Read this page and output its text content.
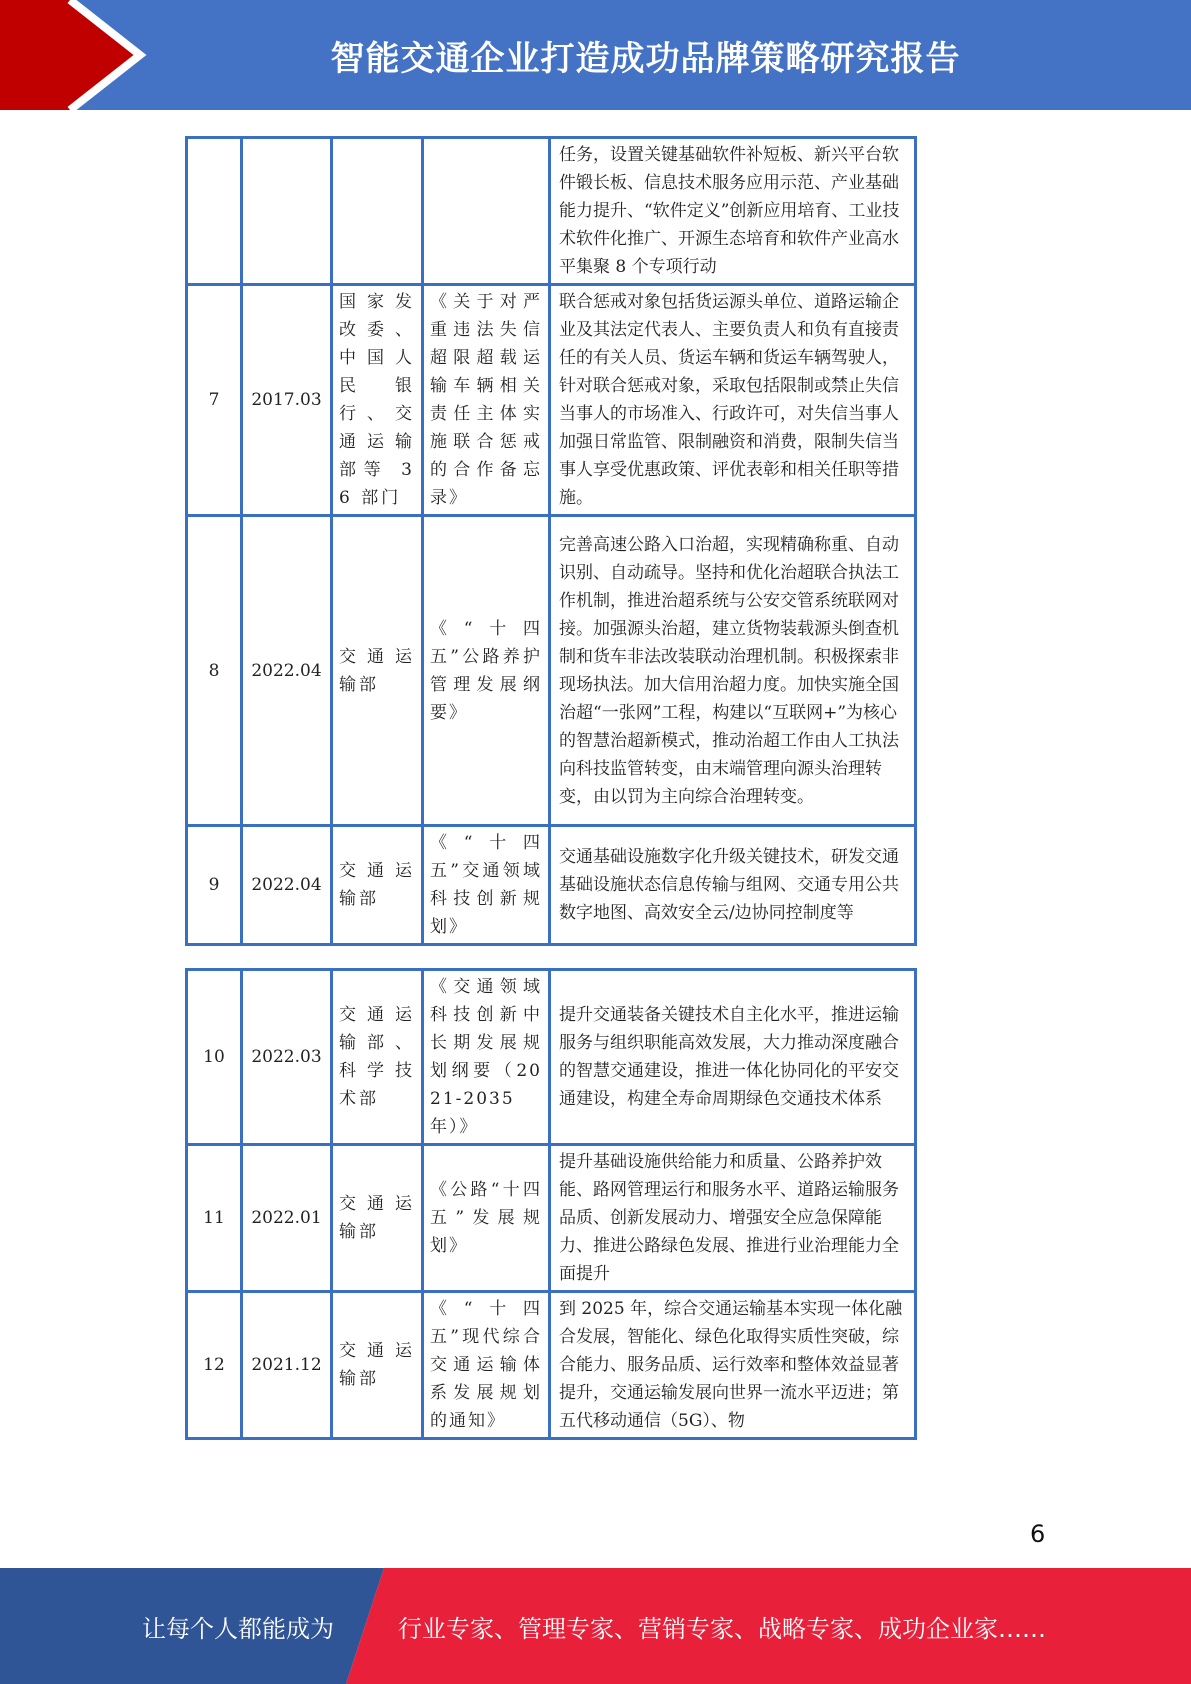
智能交通企业打造成功品牌策略研究报告
				任务，设置关键基础软件补短板、新兴平台软件锻长板、信息技术服务应用示范、产业基础能力提升、“软件定义”创新应用培育、工业技术软件化推广、开源生态培育和软件产业高水平集聚 8 个专项行动
7	2017.03	国家发改委、中国人民银行、交通运输部等 36 部门	《关于对严重违法失信超限超载运输车辆相关责任主体实施联合惩戒的合作备忘录》	联合惩戒对象包括货运源头单位、道路运输企业及其法定代表人、主要负责人和负有直接责任的有关人员、货运车辆和货运车辆驾驶人，针对联合惩戒对象，采取包括限制或禁止失信当事人的市场准入、行政许可，对失信当事人加强日常监管、限制融资和消费，限制失信当事人享受优惠政策、评优表彰和相关任职等措施。
8	2022.04	交通运输部	《“十四五”公路养护管理发展纲要》	完善高速公路入口治超，实现精确称重、自动识别、自动疏导。坚持和优化治超联合执法工作机制，推进治超系统与公安交管系统联网对接。加强源头治超，建立货物装载源头倒查机制和货车非法改装联动治理机制。积极探索非现场执法。加大信用治超力度。加快实施全国治超“一张网”工程，构建以“互联网+”为核心的智慧治超新模式，推动治超工作由人工执法向科技监管转变，由末端管理向源头治理转变，由以罚为主向综合治理转变。
9	2022.04	交通运输部	《“十四五”交通领域科技创新规划》	交通基础设施数字化升级关键技术，研发交通基础设施状态信息传输与组网、交通专用公共数字地图、高效安全云/边协同控制度等
10	2022.03	交通运输部、科学技术部	《交通领域科技创新中长期发展规划纲要（2021-2035年）》	提升交通装备关键技术自主化水平，推进运输服务与组织职能高效发展，大力推动深度融合的智慧交通建设，推进一体化协同化的平安交通建设，构建全寿命周期绿色交通技术体系
11	2022.01	交通运输部	《公路“十四五”发展规划》	提升基础设施供给能力和质量、公路养护效能、路网管理运行和服务水平、道路运输服务品质、创新发展动力、增强安全应急保障能力、推进公路绿色发展、推进行业治理能力全面提升
12	2021.12	交通运输部	《“十四五”现代综合交通运输体系发展规划的通知》	到 2025 年，综合交通运输基本实现一体化融合发展，智能化、绿色化取得实质性突破，综合能力、服务品质、运行效率和整体效益显著提升，交通运输发展向世界一流水平迈进；第五代移动通信（5G）、物
6
让每个人都能成为	行业专家、管理专家、营销专家、战略专家、成功企业家……
